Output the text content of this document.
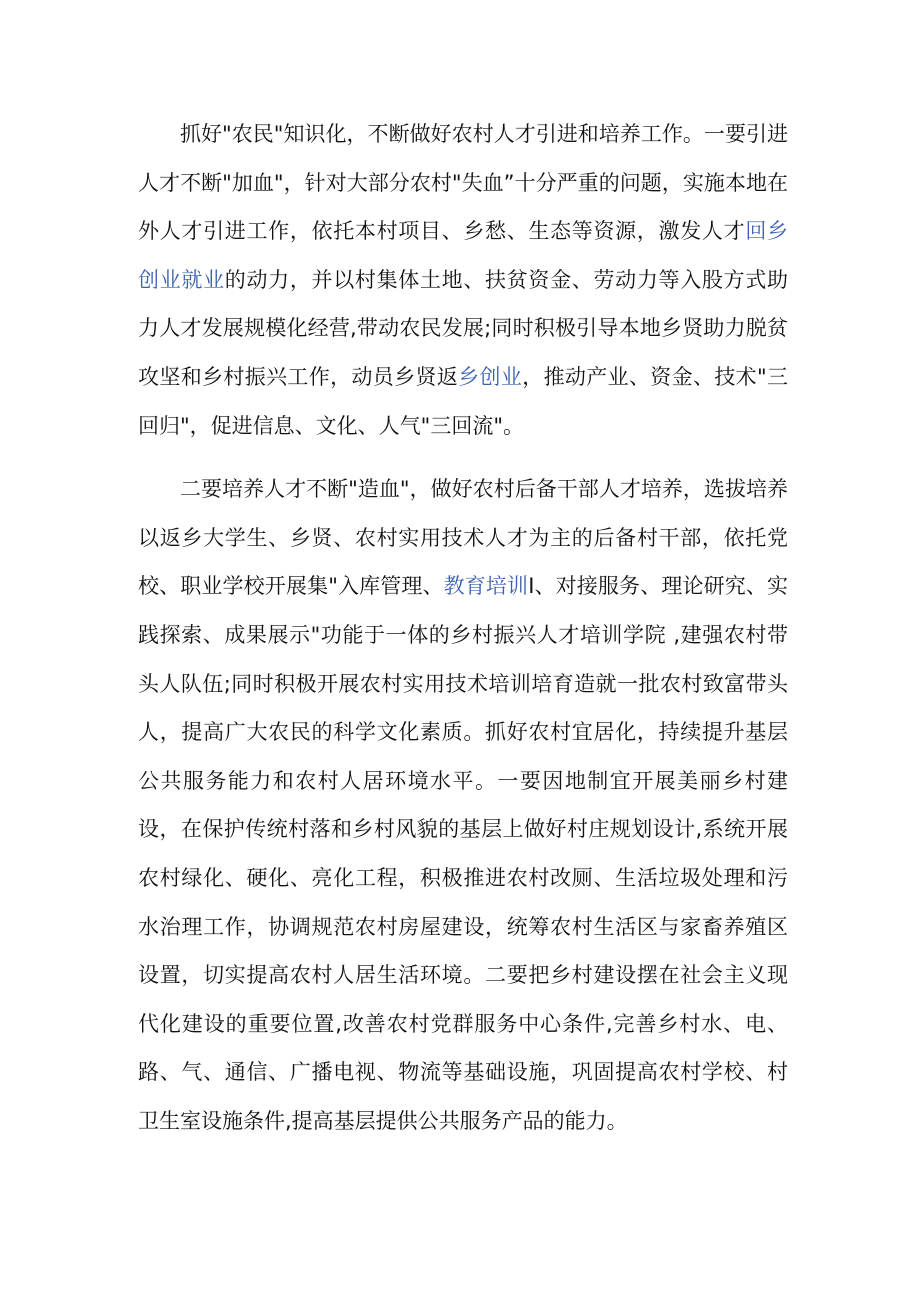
抓好"农民"知识化，不断做好农村人才引进和培养工作。一要引进人才不断"加血"，针对大部分农村"失血”十分严重的问题，实施本地在外人才引进工作，依托本村项目、乡愁、生态等资源，激发人才回乡创业就业的动力，并以村集体土地、扶贫资金、劳动力等入股方式助力人才发展规模化经营,带动农民发展;同时积极引导本地乡贤助力脱贫攻坚和乡村振兴工作，动员乡贤返乡创业，推动产业、资金、技术"三回归"，促进信息、文化、人气"三回流"。

二要培养人才不断"造血"，做好农村后备干部人才培养，选拔培养以返乡大学生、乡贤、农村实用技术人才为主的后备村干部，依托党校、职业学校开展集"入库管理、教育培训I、对接服务、理论研究、实践探索、成果展示"功能于一体的乡村振兴人才培训学院 ,建强农村带头人队伍;同时积极开展农村实用技术培训培育造就一批农村致富带头人，提高广大农民的科学文化素质。抓好农村宜居化，持续提升基层公共服务能力和农村人居环境水平。一要因地制宜开展美丽乡村建设，在保护传统村落和乡村风貌的基层上做好村庄规划设计,系统开展农村绿化、硬化、亮化工程，积极推进农村改厕、生活垃圾处理和污水治理工作，协调规范农村房屋建设，统筹农村生活区与家畜养殖区设置，切实提高农村人居生活环境。二要把乡村建设摆在社会主义现代化建设的重要位置,改善农村党群服务中心条件,完善乡村水、电、路、气、通信、广播电视、物流等基础设施，巩固提高农村学校、村卫生室设施条件,提高基层提供公共服务产品的能力。
